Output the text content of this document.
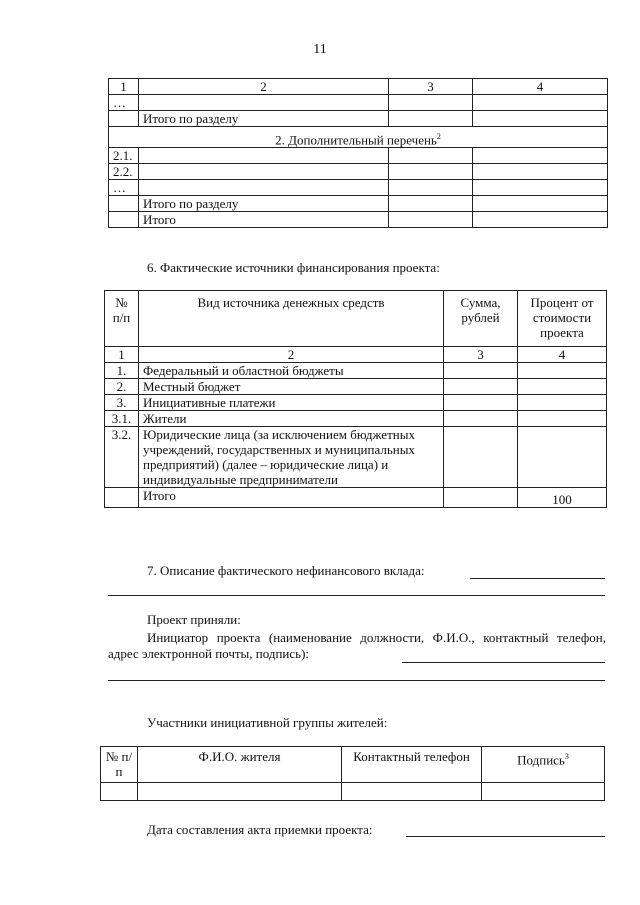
11
1	2	3	4
…			
	Итого по разделу		
2. Дополнительный перечень$^2$
2.1.			
2.2.			
…			
	Итого по разделу		
	Итого		
6. Фактические источники финансирования проекта:
№ п/п	Вид источника денежных средств	Сумма, рублей	Процент от стоимости проекта
1	2	3	4
1.	Федеральный и областной бюджеты		
2.	Местный бюджет		
3.	Инициативные платежи		
3.1.	Жители		
3.2.	Юридические лица (за исключением бюджетных учреждений, государственных и муниципальных предприятий) (далее – юридические лица) и индивидуальные предприниматели		
	Итого		100
7. Описание фактического нефинансового вклада:
Проект приняли:
Инициатор проекта (наименование должности, Ф.И.О., контактный телефон, адрес электронной почты, подпись):
Участники инициативной группы жителей:
№ п/п	Ф.И.О. жителя	Контактный телефон	Подпись$^3$

Дата составления акта приемки проекта:
